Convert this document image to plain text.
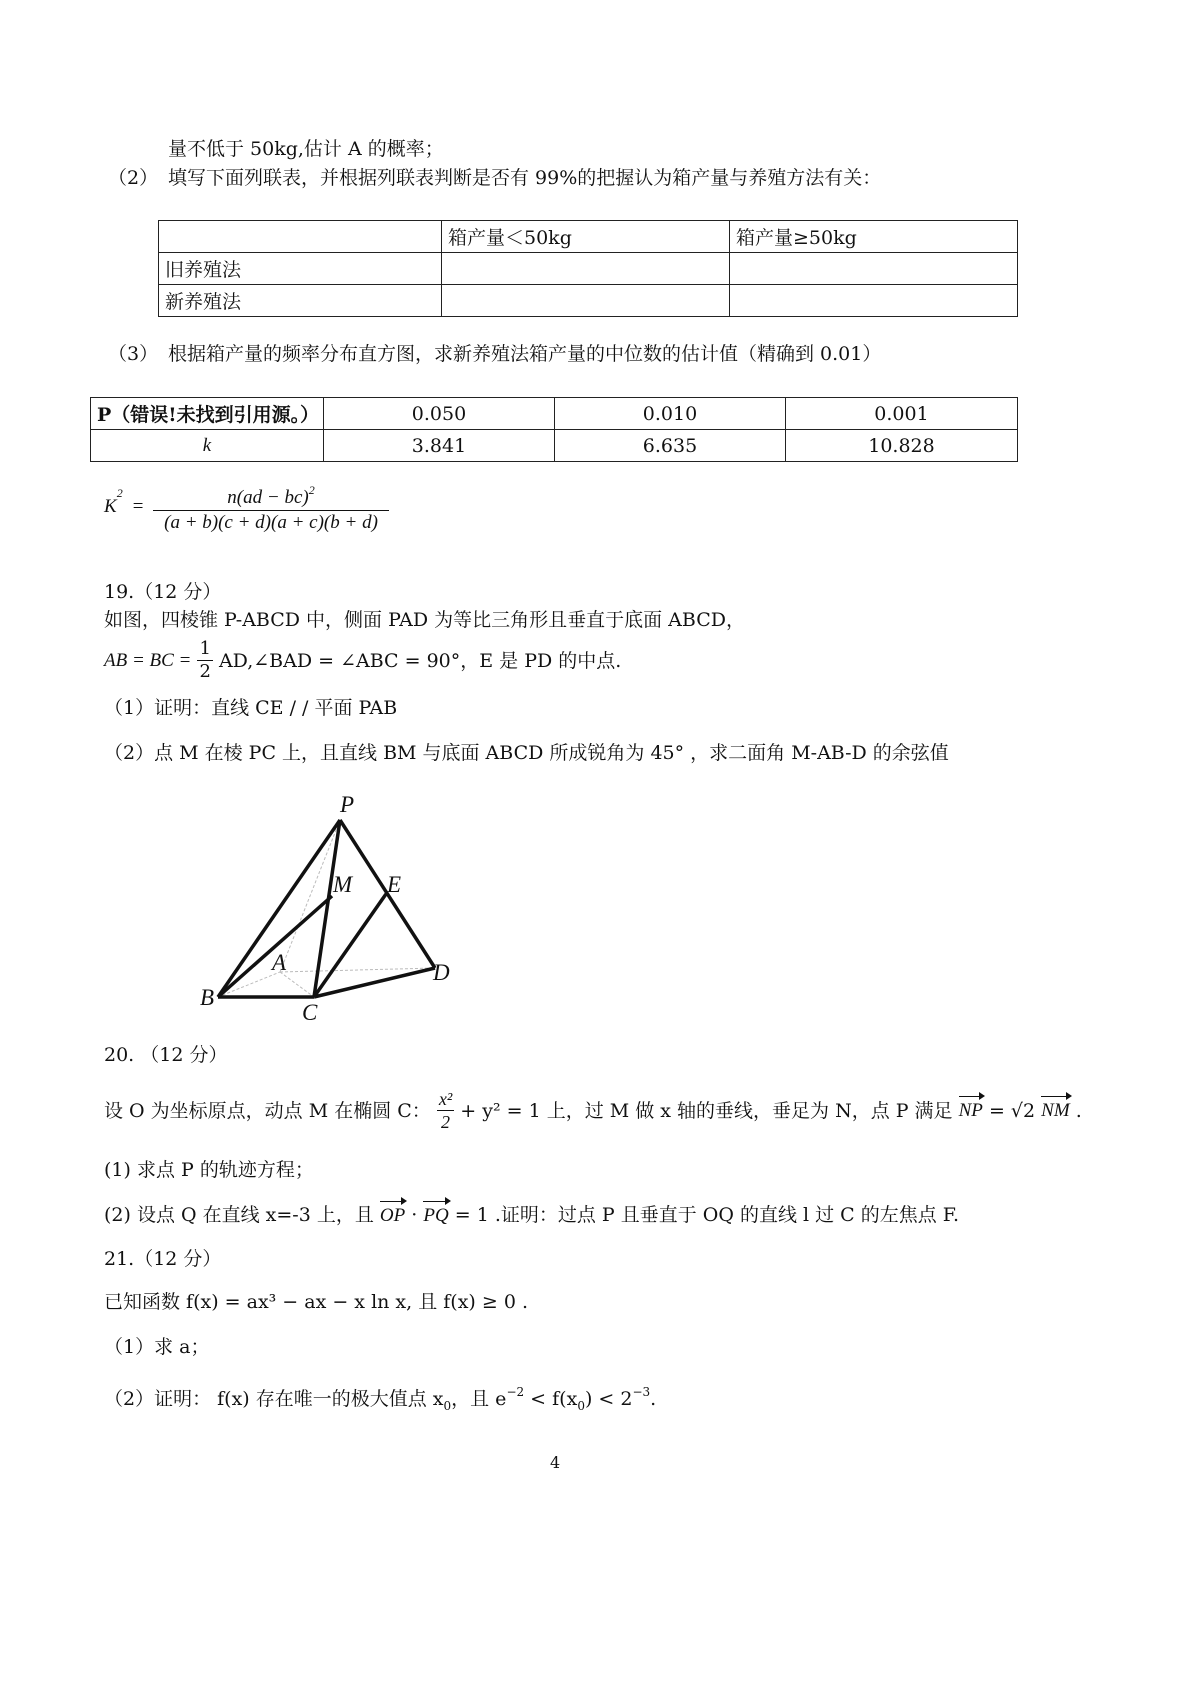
量不低于 50kg,估计 A 的概率；
（2） 填写下面列联表，并根据列联表判断是否有 99%的把握认为箱产量与养殖方法有关：
	箱产量＜50kg	箱产量≥50kg
旧养殖法		
新养殖法		
（3） 根据箱产量的频率分布直方图，求新养殖法箱产量的中位数的估计值（精确到 0.01）
P（错误!未找到引用源。）	0.050	0.010	0.001
k	3.841	6.635	10.828
$K2 = \frac{n(ad - bc)^2}{(a + b)(c + d)(a + c)(b + d)}$
19.（12 分）
如图，四棱锥 P-ABCD 中，侧面 PAD 为等比三角形且垂直于底面 ABCD，
AB = BC = $\frac{1}{2}$ AD,∠BAD = ∠ABC = 90°，E 是 PD 的中点.
（1）证明：直线 CE / / 平面 PAB
（2）点 M 在棱 PC 上，且直线 BM 与底面 ABCD 所成锐角为 45° ，求二面角 M-AB-D 的余弦值
P
M E
A	D
B
C
20. （12 分）
设 O 为坐标原点，动点 M 在椭圆 C： $\frac{\text{x²}}{2} + y^2 = 1$ 上，过 M 做 x 轴的垂线，垂足为 N，点 P 满足 NP = √2 NM .
(1) 求点 P 的轨迹方程；
(2) 设点 Q 在直线 x=-3 上，且 OP · PQ = 1 .证明：过点 P 且垂直于 OQ 的直线 l 过 C 的左焦点 F.
21.（12 分）
已知函数 f(x) = ax³ − ax − x ln x, 且 f(x) ≥ 0 .
（1）求 a；
（2）证明： f(x) 存在唯一的极大值点 $x_0$，且 $e^{-2} < f(x_0) < 2^{-3}$.
4
